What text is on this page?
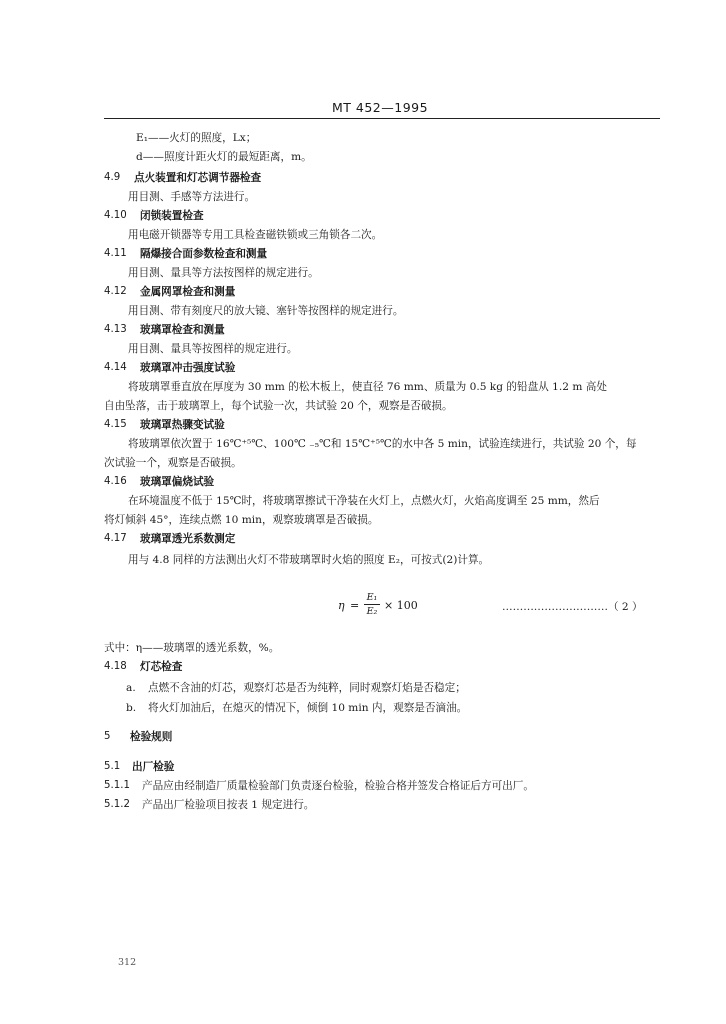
MT 452—1995
E₁——火灯的照度，Lx；
d——照度计距火灯的最短距离，m。
4.9 点火装置和灯芯调节器检查
用目测、手感等方法进行。
4.10 闭锁装置检查
用电磁开锁器等专用工具检查磁铁锁或三角锁各二次。
4.11 隔爆接合面参数检查和测量
用目测、量具等方法按图样的规定进行。
4.12 金属网罩检查和测量
用目测、带有刻度尺的放大镜、塞针等按图样的规定进行。
4.13 玻璃罩检查和测量
用目测、量具等按图样的规定进行。
4.14 玻璃罩冲击强度试验
将玻璃罩垂直放在厚度为 30 mm 的松木板上，使直径 76 mm、质量为 0.5 kg 的铅盘从 1.2 m 高处
自由坠落，击于玻璃罩上，每个试验一次，共试验 20 个，观察是否破损。
4.15 玻璃罩热骤变试验
将玻璃罩依次置于 16℃⁺⁵℃、100℃ ₋₅℃和 15℃⁺⁵℃的水中各 5 min，试验连续进行，共试验 20 个，每
次试验一个，观察是否破损。
4.16 玻璃罩偏烧试验
在环境温度不低于 15℃时，将玻璃罩擦试干净装在火灯上，点燃火灯，火焰高度调至 25 mm，然后
将灯倾斜 45°，连续点燃 10 min，观察玻璃罩是否破损。
4.17 玻璃罩透光系数测定
用与 4.8 同样的方法测出火灯不带玻璃罩时火焰的照度 E₂，可按式(2)计算。
η =
E₁
E₂ × 100	…………………………（ 2 ）
式中：η——玻璃罩的透光系数，%。
4.18 灯芯检查
a. 点燃不含油的灯芯，观察灯芯是否为纯粹，同时观察灯焰是否稳定；
b. 将火灯加油后，在熄灭的情况下，倾倒 10 min 内，观察是否滴油。
5 检验规则
5.1 出厂检验
5.1.1 产品应由经制造厂质量检验部门负责逐台检验，检验合格并签发合格证后方可出厂。
5.1.2 产品出厂检验项目按表 1 规定进行。
312
